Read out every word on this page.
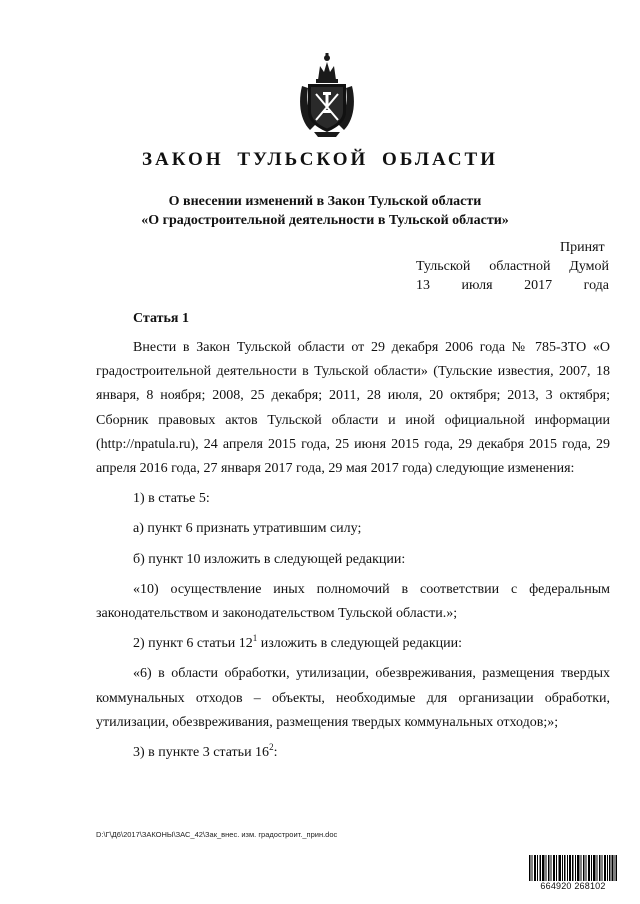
ЗАКОН ТУЛЬСКОЙ ОБЛАСТИ
О внесении изменений в Закон Тульской области
«О градостроительной деятельности в Тульской области»
Принят
Тульской областной Думой
13 июля 2017 года
Статья 1

Внести в Закон Тульской области от 29 декабря 2006 года № 785-ЗТО «О градостроительной деятельности в Тульской области» (Тульские известия, 2007, 18 января, 8 ноября; 2008, 25 декабря; 2011, 28 июля, 20 октября; 2013, 3 октября; Сборник правовых актов Тульской области и иной официальной информации (http://npatula.ru), 24 апреля 2015 года, 25 июня 2015 года, 29 декабря 2015 года, 29 апреля 2016 года, 27 января 2017 года, 29 мая 2017 года) следующие изменения:

1) в статье 5:

а) пункт 6 признать утратившим силу;

б) пункт 10 изложить в следующей редакции:

«10) осуществление иных полномочий в соответствии с федеральным законодательством и законодательством Тульской области.»;

2) пункт 6 статьи $12^1$ изложить в следующей редакции:

«6) в области обработки, утилизации, обезвреживания, размещения твердых коммунальных отходов – объекты, необходимые для организации обработки, утилизации, обезвреживания, размещения твердых коммунальных отходов;»;

3) в пункте 3 статьи $16^2$:

D:\Г\Д6\2017\ЗАКОНЫ\ЗАС_42\Зак_внес. изм. градостроит._прин.doc
664920 268102
